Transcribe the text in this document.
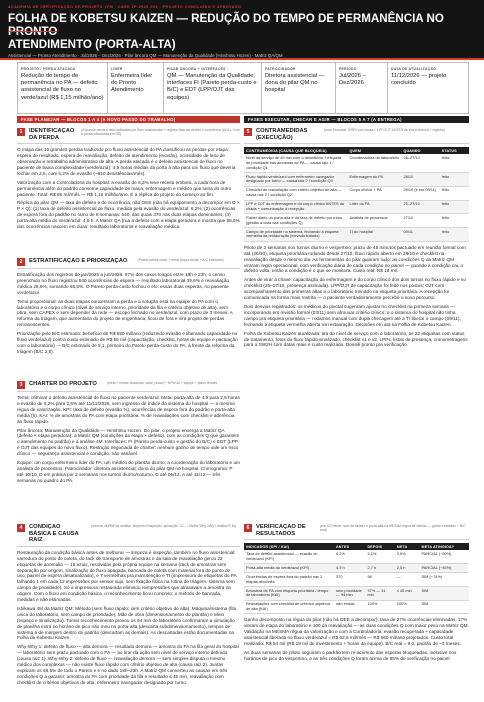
ACADEMIA DE CERTIFICAÇÃO DE PROJETO YPB · CASE TP-2026-003 · PROJETO CONCLUÍDO E APROVADO
FOLHA DE KOBETSU KAIZEN — REDUÇÃO DO TEMPO DE PERMANÊNCIA NO PRONTO
ATENDIMENTO (PORTA-ALTA)
Assistencial — Pronto Atendimento · Jul/2026 – Dez/2026 · Pilar âncora QM — Manutenção da Qualidade (Hinshitsu Hozen) · Matriz QA/QM
PROJETO / PERDA ATACADA
Redução do tempo de permanência no PA — defeito assistencial de fluxo no verde/azul (R$ 1,15 milhão/ano)
LÍDER
Enfermeira líder do Pronto Atendimento
PILAR ÂNCORA + INTERFACES
QM — Manutenção da Qualidade; interfaces FI (Pareto perda-custo e B/C) e EDT (LPP/OJT das equipes)
PATROCINADOR
Diretora assistencial — dona do pilar QM no hospital
PERÍODO
Jul/2026 – Dez/2026
DATA DE ATUALIZAÇÃO
11/12/2026 — projeto concluído
FASE PLANEJAR — BLOCOS 1 A 4 (A NOVO PASSO DO TRABALHO)	FASES EXECUTAR, CHECAR E AGIR — BLOCOS 5 A 7 (A ENTREGA)
1	IDENTIFICAÇÃO DA PERDA
(A grande perda e lista indicadas por fluxo assistencial + registre fase de defeito e ocorrência (AOL). Com a perda valorizada em R$)

O mapa das 16 grandes perdas traduzido pro fluxo assistencial do PA classificou as perdas por etapa: espera de resultado, espera de reavaliação, defeito de atendimento (evasão), ociosidade de leito de observação e retrabalho administrativo de alta. A perda atacada é o defeito assistencial de fluxo no paciente de baixa complexidade (verde/azul): 4,9 horas médias da porta à alta para um fluxo que deveria fechar em 2,5, com 6,2% de evasão (~610 desistências/mês).

Valorização com a Controladoria do hospital: a evasão de 6,2% teve receita embora, a cada hora de permanência além do padrão consome capacidade de maca, enfermagem e médico que seria do outro paciente. Total: R$ 96 mil/mês — R$ 1,15 milhão/ano. É a réplica do projeto do começo ao fim.

Réplica do pilar QM — taxa de defeito e de ocorrência, não OEE (não há equipamento a decompor em D × P × Q): (1) taxa de defeito assistencial de fluxo, medida pela evasão do verde/azul: 6,2%; (2) ocorrências de espera fora do padrão no ramo de 8 semanas: 540, das quais 370 nas duas etapas dominantes; (3) porta-alta média do verde/azul: 4,9 h. A Matriz QA (rua a defeito com a etapa geradora e mostra que 58,5% das ocorrências nascem em duas: resultado laboratorial e reavaliação médica.

2	ESTRATIFICAÇÃO E PRIORIZAÇÃO	(Pareto perda-custo + tema proporcional + B/C estimado)

Estratificação dos registros de jan/2025 a jun/2026: 97% dos casos longos entre 18h e 23h; o censo preenchido no fluxo registrou 640 ocorrências de espera — resultado laboratorial 39,6% e reavaliação médica 28,9%, somando 68,5%. O Pareto perda-custo fechou o elo: essas duas esperas, no paciente verde/azul.

Tema proporcional: as duas etapas concentram a perda e a solução está na equipe do PA com o laboratório e o corpo clínico (nível de serviço interno, prioridade da fila e critério objetivo de alta), sem obra, sem CAPEX e sem depender da rede — escopo fechado no verde/azul, com prazo de 3 meses. A reforma da triagem, que aumentaria do projeto de engenharia, ficou de fora e vira projeto de perdas remanescentes.

Priorização pelo B/C estimado: benefício de R$ 550 mil/ano (reduzindo evasão e liberando capacidade no fluxo verde/azul) contra custo estimado de R$ 55 mil (capacitação, checklist, horas de equipe e pactuação com o laboratório) — B/C estimado de 9,1, primeiro do Pareto perda-custo do PA, à frente da reforma da triagem (B/C 2,8).

3	CHARTER DO PROJETO	(meta + metas criadoras, valor, prazo) + KPI/KAI + equipe + plano tênues

Tema: eliminar o defeito assistencial de fluxo no paciente verde/azul. Meta: porta-alta de 4,9 para 2,5 horas e evasão de 6,2% para 2,5% até 11/12/2026, sem ingresso de índice do sistema do hospital — a mesma régua de valorização. KPI: taxa de defeito (evasão %), ocorrências de espera fora do padrão e porta-alta média (h). KAI: % de amostras do PA com etapa prioritária, % de reavaliações com checklist e aderência ao fluxo rápido.

Pilar âncora: Manutenção da Qualidade — Hinshitsu Hozen. Do pilar, o projeto enxerga a Matriz QA (defeito × etapa geradora), a Matriz QM (condições da etapa × defeito), com as condições Q que garantem o atendimento no padrão) e a análise 4M. Interfaces: FI (Pareto perda-custo e gestão do B/C) e EDT (LPP e OJT das equipes do novo fluxo). Restrição negociada de charter: nenhum ganho de tempo vale um risco clínico — segurança assistencial é condição, não variável.

Equipe: um corpo enfermeira líder do PA, um médico do plantão diurno, a coordenação do laboratório e um analista de processos. Patrocinador: diretora assistencial, dona do pilar QM no hospital. Cronograma: P até 10/10, D em prática por 2 semanas nos turnos diurno/noturno, C até 05/12, A até 11/12 — três semanas no quadro do PA.

4	CONDIÇÃO BÁSICA E CAUSA RAIZ
(retorna 4M/5W da análise: limpeza d'inspeção; aplicação, CL — Matriz Why-Why / análise P-M)

Restauração da condição básica antes de melhorar — limpeza é inspeção, também no fluxo assistencial: varredura do posto de coleta, do rack de transporte de amostras e da sala de reavaliação gerou 22 etiquetas de anomalia — 15 azuis, resolvidas pela própria equipe na semana (rack de amostras sem separação por origem, sinalização de fluxo apagada, bancada de coleta com material fora do ponto de uso, painel de espera desatualizado), e 7 vermelhas pra manutenção e TI (impressora de etiquetas do PA falhando 1 em cada 12 impressões por sensor sujo, sem fixação fisica na rotina de triagem, sistema sem campo de prioridade). Só a impressora restaurada eliminou reimpressões que atrasavam a amostra na origem. Com o fluxo em condição básica, o reconhecimento ficou concreto: o método de bancada, medidas e não estimadas.

Ishikawa 4M da Matriz QM: Método (sem fluxo rápido; sem critério objetivo de alta), Máquina/sistema (fila única do laboratório, sem campo de prioridade), Mão de obra (dimensionamento do plantão) e Meio (espaço e sinalização). Tomar reconhecimento provou os 94 min do laboratório confirmaram a simulação de planilha extra no horário de pico não meu no porta-alta (descarta subdimensionamento), tempos de sistema a de margem dentro do padrão (descartam as demais). As descartadas estão documentadas na Folha de Kobetsu Kaizen.

Why-Why 1: defeito de fluxo — alta demora — resultado demora — amostra do PA na fila geral do hospital — laboratório sem prazo pactuado com o PA — ao tirar da ação sem nível de serviço interno definido (causa raiz 1). Why-Why 2: defeito de fluxo — reavaliação demora — sem simples disputa o mesmo médico dos complexos — não existe fluxo rápido com critério objetivo de alta (causa raiz 2). Juntas explicam os 68,5% de todo o Pareto e é no dado 18h–23h. A Matriz QM converteu as causas em três condições Q a garantir: amostra do PA com prioridade da fila e resultado ≤ 45 min, reavaliação com checklist de critérios objetivos de alta; enfermeiro navegador designado por turno.

5	CONTRAMEDIDAS (EXECUÇÃO)
(uma Executar: GREV por causa = LPP/OJT ANTES de vira a técnica + registro)
CONTRAMEDIDA (CAUSA QUE BLOQUEIA)	QUEM	QUANDO	STATUS
Nível de serviço de 45 min com o laboratório + etiqueta de prioridade nas amostras do PA — causa raiz 1 / condição Q1	Coordenadora do laboratório	26–27/10	feito
Fluxo rápido verde/azul com enfermeiro navegador designado por turno — causa raiz 2 / condição Q3	Enfermagem do PA	28/10	feito
Checklist de reavaliação com critério objetivo de alta — causa raiz 2 / condição Q2	Corpo clínico + PA	28/10 (e em 03/11)	feito
LPP e OJT do enfermagem e do corpo clínico ANTES da virada + comunicação à recepção	Líder do PA	25–27/10	feito
Painel diário do porta-alta e da taxa de defeito por turno (gestão à vista das condições Q)	Analista de processos	27/10	feito
Campo de prioridade no sistema, fechando a etiqueta vermelha da restauração (elevado tratado)	TI do hospital	09/11	feito

Piloto de 2 semanas nos turnos diurno e vespertino: prazo de 45 minutos pactuado em reunião formal com atá (26/10), etiqueta prioritária rodando desde 27/10, fluxo rápido aberto em 28/10 e checklist na reavaliação desde o mesmo dia. As ferramentas do pilar guiaram tudo: as condições Q da Matriz QM viraram regra operacional, com verificação diária de cada condição no painel — quando a condição cai, o defeito volta, então a condição é o que se monitora. Custo real: R$ 18 mil.

Antes de virar a chave: capacitação da enfermagem e do corpo clínico dos dois turnos no fluxo rápido e no checklist (25–27/10, presença assinada). LPP/OJT de capacitação foi feito nos postos; OJT com acompanhamento das primeiras altas e o laboratório treinado na etiqueta prioritária. A recepção foi comunicada na forma mais restrita — o paciente verdadeiramente percebe o novo percurso.

Dois desvios registrados: os médicos do pivotal sugeriram ajustar no checklist na primeira semana — incorporando em revisão formal (03/11) sem afrouxar critério clínico; e o sistema do hospital não tinha campo pra etiqueta prioritária — rodamos manual com dupla checagem até a TI liberar o campo (09/11), fechando a etiqueta vermelha aberta na restauração. Decisões em ata na Folha de Kobetsu Kaizen.

Folha de Kobetsu Kaizen atualizada: ata do nível de serviço com o laboratório, as 22 etiquetas com status de tratamento, fotos do fluxo rápido sinalizado, checklist v1 e v2, LPPs, listas de presença, cronometragens para o SW2H com datas reais e custo realizado. Dossiê pronto pra verificação.

6	VERIFICAÇÃO DE RESULTADOS
(em C/Checar: taxa de defeito e porta-alta na MESMA régua de defeito — ganho realizado + B/C real)
INDICADOR (KPI / KAI)	ANTES	DEPOIS	META	META ATINGIDA?
Taxa de defeito assistencial — evasão do verde/azul (KPI)	6,2%	3,1%	2,5%	PARCIAL (−50%)
Porta-alta média do verde/azul (KPI)	4,9 h	2,7 h	2,5 h	PARCIAL (−45%)
Ocorrências de espera fora do padrão nas 2 etapas-alvo/mês	370	96	—	SIM (−74%)
Amostras de PA com etiqueta prioritária / tempo de laboratório (KAI)	sem prioridade — 94 min	97% — 41 min	≤ 45 min	SIM
Reavaliações com checklist de critérios objetivos de alta (KAI)	não existia	100%	100%	SIM

Ganho decomposto na régua do pilar (não há OEE a decompor): taxa de 27% ocorrências eliminadas, 17% vieram de etapa do laboratório e 100 da reavaliação — as duas condições Q com maior peso na Matriz QM. Validação na MESMA régua da valorização e com a Controladoria: evasão recuperada + capacidade assistencial liberada no fluxo verde/azul = R$ 62,5 mil/mês — R$ 660 mil/ano projetados. Custo total realizado: R$ 54 mil (R$ 18 mil de investimento + horas da equipe). B/C real = 9,0, padrão de ~3 meses.

As duas semanas de piloto seguiram o padrão tem re-acúmulo das esperas bloqueadas, inclusive nos horários de pico do vespertino, e as três condições Q foram acima de 95% de verificação no painel.
